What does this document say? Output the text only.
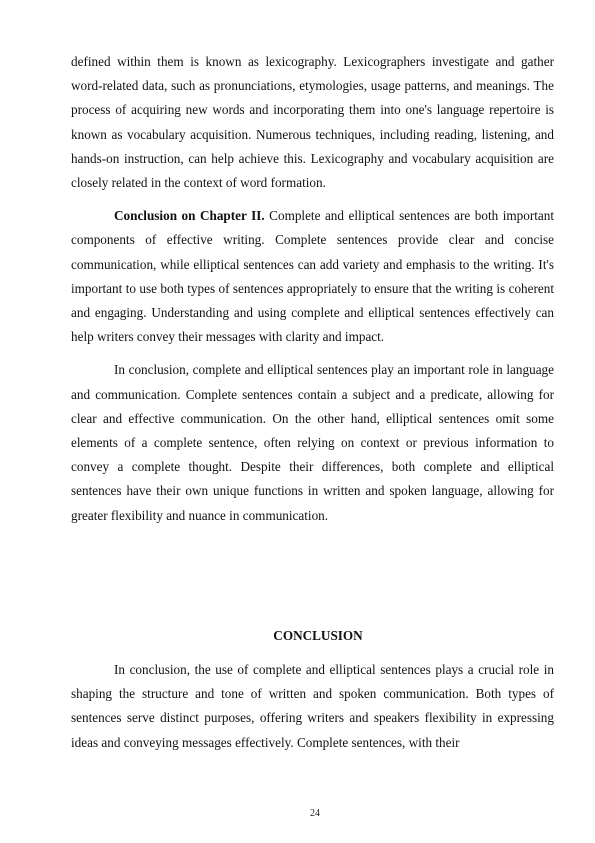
defined within them is known as lexicography. Lexicographers investigate and gather word-related data, such as pronunciations, etymologies, usage patterns, and meanings. The process of acquiring new words and incorporating them into one's language repertoire is known as vocabulary acquisition. Numerous techniques, including reading, listening, and hands-on instruction, can help achieve this. Lexicography and vocabulary acquisition are closely related in the context of word formation.

Conclusion on Chapter II. Complete and elliptical sentences are both important components of effective writing. Complete sentences provide clear and concise communication, while elliptical sentences can add variety and emphasis to the writing. It's important to use both types of sentences appropriately to ensure that the writing is coherent and engaging. Understanding and using complete and elliptical sentences effectively can help writers convey their messages with clarity and impact.

In conclusion, complete and elliptical sentences play an important role in language and communication. Complete sentences contain a subject and a predicate, allowing for clear and effective communication. On the other hand, elliptical sentences omit some elements of a complete sentence, often relying on context or previous information to convey a complete thought. Despite their differences, both complete and elliptical sentences have their own unique functions in written and spoken language, allowing for greater flexibility and nuance in communication.

CONCLUSION

In conclusion, the use of complete and elliptical sentences plays a crucial role in shaping the structure and tone of written and spoken communication. Both types of sentences serve distinct purposes, offering writers and speakers flexibility in expressing ideas and conveying messages effectively. Complete sentences, with their

24
